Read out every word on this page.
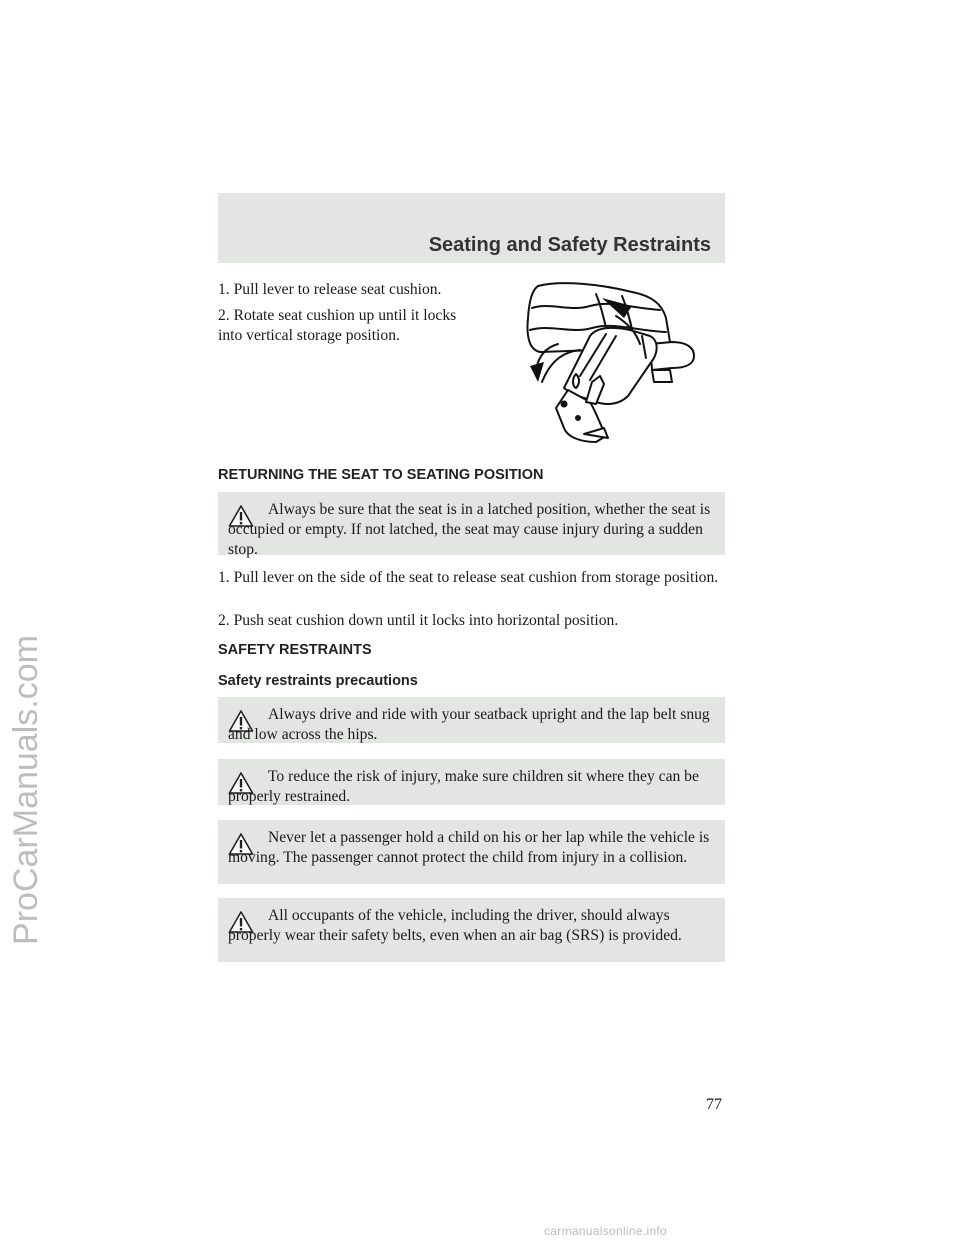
ProCarManuals.com
Seating and Safety Restraints

1. Pull lever to release seat cushion.

2. Rotate seat cushion up until it locks into vertical storage position.

RETURNING THE SEAT TO SEATING POSITION

Always be sure that the seat is in a latched position, whether the seat is occupied or empty. If not latched, the seat may cause injury during a sudden stop.

1. Pull lever on the side of the seat to release seat cushion from storage position.

2. Push seat cushion down until it locks into horizontal position.

SAFETY RESTRAINTS
Safety restraints precautions

Always drive and ride with your seatback upright and the lap belt snug and low across the hips.

To reduce the risk of injury, make sure children sit where they can be properly restrained.

Never let a passenger hold a child on his or her lap while the vehicle is moving. The passenger cannot protect the child from injury in a collision.

All occupants of the vehicle, including the driver, should always properly wear their safety belts, even when an air bag (SRS) is provided.

77
carmanualsonline.info
